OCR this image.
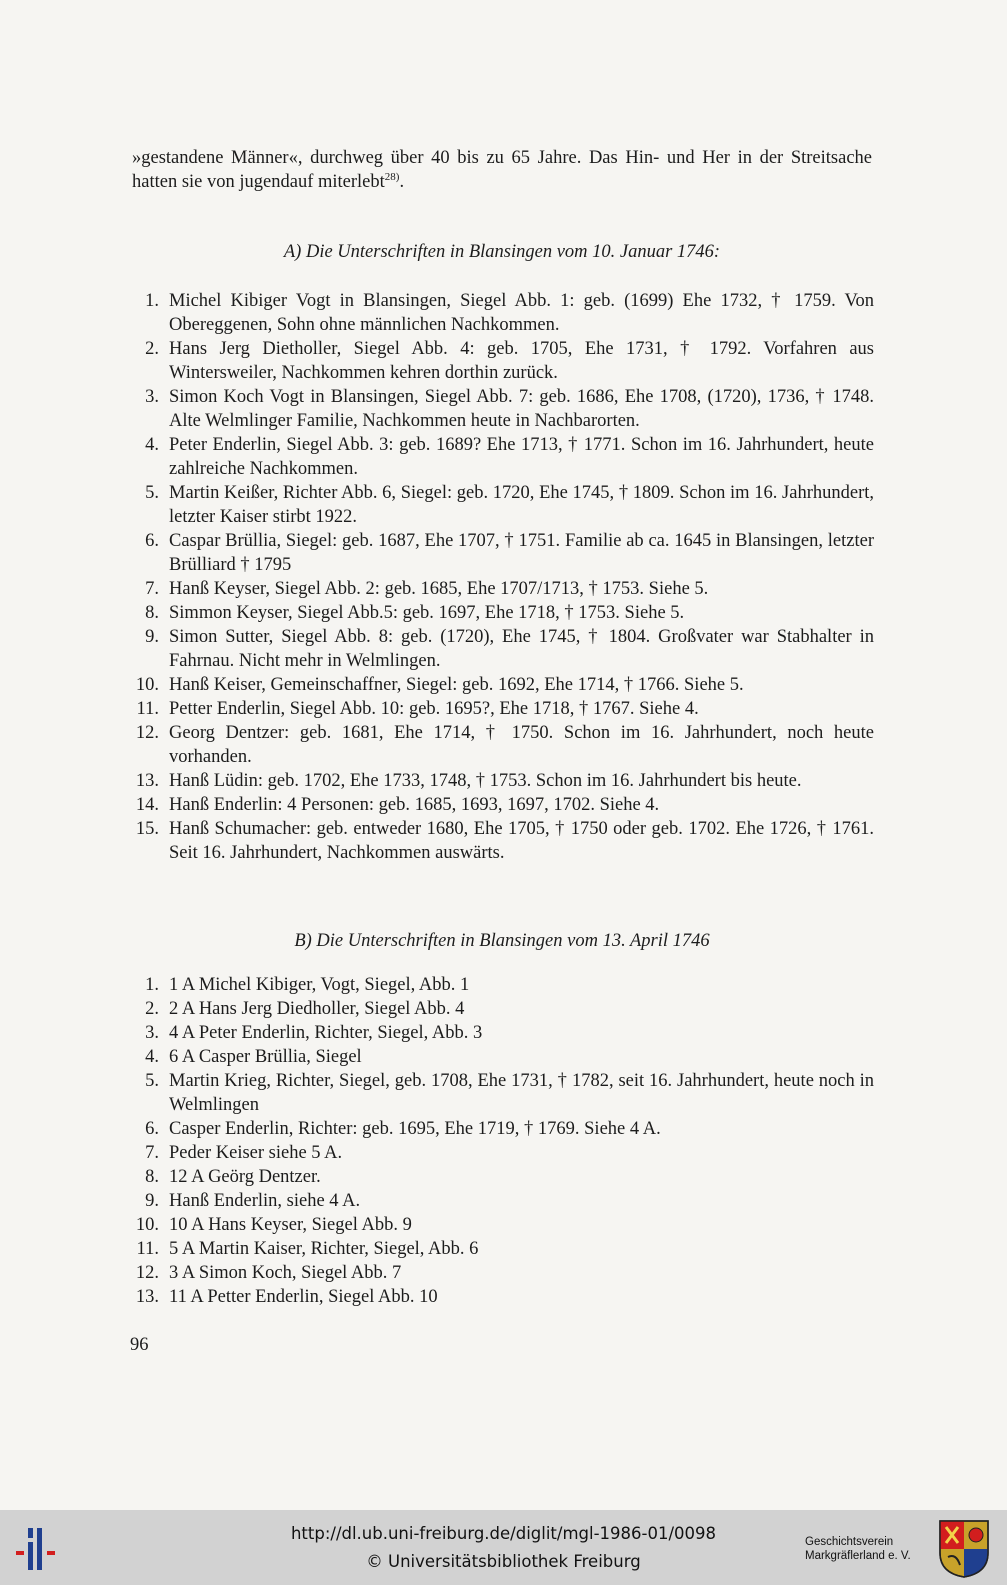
»gestandene Männer«, durchweg über 40 bis zu 65 Jahre. Das Hin- und Her in der Streitsache hatten sie von jugendauf miterlebt$^{28)}$.

A) Die Unterschriften in Blansingen vom 10. Januar 1746:
1. Michel Kibiger Vogt in Blansingen, Siegel Abb. 1: geb. (1699) Ehe 1732, † 1759. Von Obereggenen, Sohn ohne männlichen Nachkommen.
2. Hans Jerg Dietholler, Siegel Abb. 4: geb. 1705, Ehe 1731, † 1792. Vorfahren aus Wintersweiler, Nachkommen kehren dorthin zurück.
3. Simon Koch Vogt in Blansingen, Siegel Abb. 7: geb. 1686, Ehe 1708, (1720), 1736, † 1748. Alte Welmlinger Familie, Nachkommen heute in Nachbarorten.
4. Peter Enderlin, Siegel Abb. 3: geb. 1689? Ehe 1713, † 1771. Schon im 16. Jahrhundert, heute zahlreiche Nachkommen.
5. Martin Keißer, Richter Abb. 6, Siegel: geb. 1720, Ehe 1745, † 1809. Schon im 16. Jahrhundert, letzter Kaiser stirbt 1922.
6. Caspar Brüllia, Siegel: geb. 1687, Ehe 1707, † 1751. Familie ab ca. 1645 in Blansingen, letzter Brülliard † 1795
7. Hanß Keyser, Siegel Abb. 2: geb. 1685, Ehe 1707/1713, † 1753. Siehe 5.
8. Simmon Keyser, Siegel Abb.5: geb. 1697, Ehe 1718, † 1753. Siehe 5.
9. Simon Sutter, Siegel Abb. 8: geb. (1720), Ehe 1745, † 1804. Großvater war Stabhalter in Fahrnau. Nicht mehr in Welmlingen.
10. Hanß Keiser, Gemeinschaffner, Siegel: geb. 1692, Ehe 1714, † 1766. Siehe 5.
11. Petter Enderlin, Siegel Abb. 10: geb. 1695?, Ehe 1718, † 1767. Siehe 4.
12. Georg Dentzer: geb. 1681, Ehe 1714, † 1750. Schon im 16. Jahrhundert, noch heute vorhanden.
13. Hanß Lüdin: geb. 1702, Ehe 1733, 1748, † 1753. Schon im 16. Jahrhundert bis heute.
14. Hanß Enderlin: 4 Personen: geb. 1685, 1693, 1697, 1702. Siehe 4.
15. Hanß Schumacher: geb. entweder 1680, Ehe 1705, † 1750 oder geb. 1702. Ehe 1726, † 1761. Seit 16. Jahrhundert, Nachkommen auswärts.
B) Die Unterschriften in Blansingen vom 13. April 1746
1. 1 A Michel Kibiger, Vogt, Siegel, Abb. 1
2. 2 A Hans Jerg Diedholler, Siegel Abb. 4
3. 4 A Peter Enderlin, Richter, Siegel, Abb. 3
4. 6 A Casper Brüllia, Siegel
5. Martin Krieg, Richter, Siegel, geb. 1708, Ehe 1731, † 1782, seit 16. Jahrhundert, heute noch in Welmlingen
6. Casper Enderlin, Richter: geb. 1695, Ehe 1719, † 1769. Siehe 4 A.
7. Peder Keiser siehe 5 A.
8. 12 A Geörg Dentzer.
9. Hanß Enderlin, siehe 4 A.
10. 10 A Hans Keyser, Siegel Abb. 9
11. 5 A Martin Kaiser, Richter, Siegel, Abb. 6
12. 3 A Simon Koch, Siegel Abb. 7
13. 11 A Petter Enderlin, Siegel Abb. 10
96
http://dl.ub.uni-freiburg.de/diglit/mgl-1986-01/0098
© Universitätsbibliothek Freiburg
Geschichtsverein
Markgräflerland e. V.
